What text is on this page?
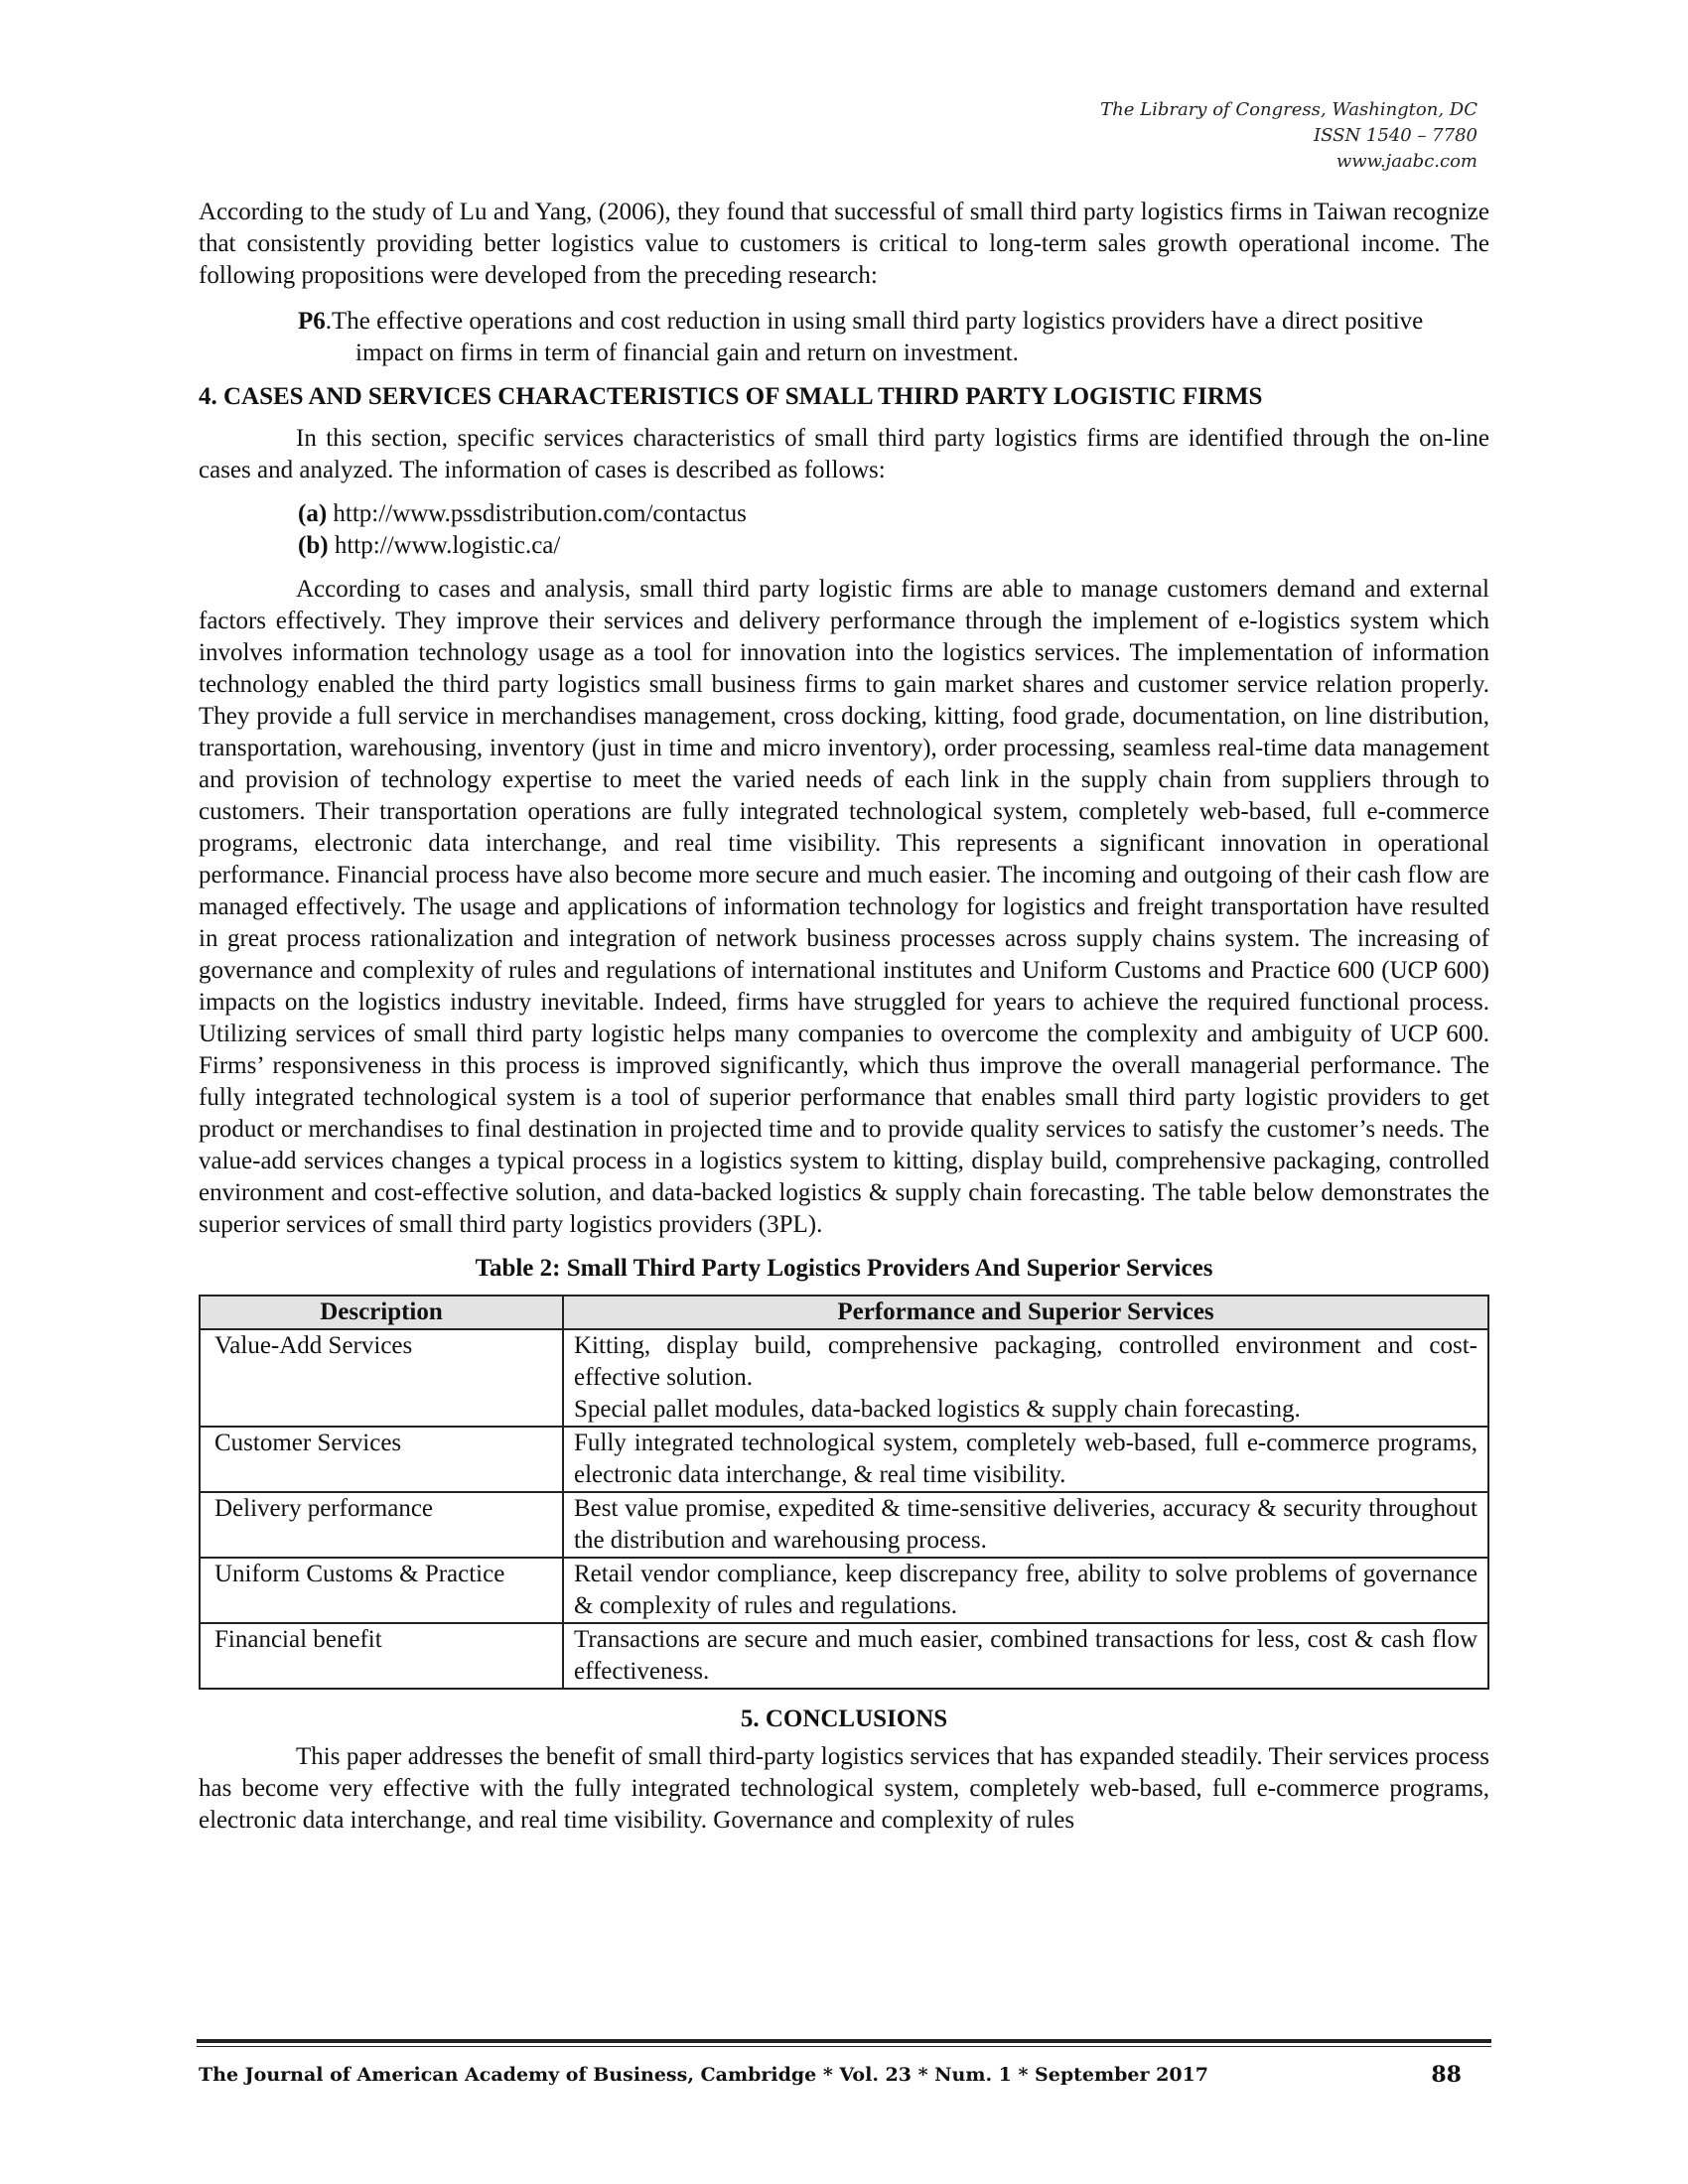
The Library of Congress, Washington, DC
ISSN 1540 – 7780
www.jaabc.com

According to the study of Lu and Yang, (2006), they found that successful of small third party logistics firms in Taiwan recognize that consistently providing better logistics value to customers is critical to long-term sales growth operational income. The following propositions were developed from the preceding research:

P6.The effective operations and cost reduction in using small third party logistics providers have a direct positive impact on firms in term of financial gain and return on investment.

4. CASES AND SERVICES CHARACTERISTICS OF SMALL THIRD PARTY LOGISTIC FIRMS

In this section, specific services characteristics of small third party logistics firms are identified through the on-line cases and analyzed. The information of cases is described as follows:

(a) http://www.pssdistribution.com/contactus
(b) http://www.logistic.ca/

According to cases and analysis, small third party logistic firms are able to manage customers demand and external factors effectively. They improve their services and delivery performance through the implement of e-logistics system which involves information technology usage as a tool for innovation into the logistics services. The implementation of information technology enabled the third party logistics small business firms to gain market shares and customer service relation properly. They provide a full service in merchandises management, cross docking, kitting, food grade, documentation, on line distribution, transportation, warehousing, inventory (just in time and micro inventory), order processing, seamless real-time data management and provision of technology expertise to meet the varied needs of each link in the supply chain from suppliers through to customers. Their transportation operations are fully integrated technological system, completely web-based, full e-commerce programs, electronic data interchange, and real time visibility. This represents a significant innovation in operational performance. Financial process have also become more secure and much easier. The incoming and outgoing of their cash flow are managed effectively. The usage and applications of information technology for logistics and freight transportation have resulted in great process rationalization and integration of network business processes across supply chains system. The increasing of governance and complexity of rules and regulations of international institutes and Uniform Customs and Practice 600 (UCP 600) impacts on the logistics industry inevitable. Indeed, firms have struggled for years to achieve the required functional process. Utilizing services of small third party logistic helps many companies to overcome the complexity and ambiguity of UCP 600. Firms’ responsiveness in this process is improved significantly, which thus improve the overall managerial performance. The fully integrated technological system is a tool of superior performance that enables small third party logistic providers to get product or merchandises to final destination in projected time and to provide quality services to satisfy the customer’s needs. The value-add services changes a typical process in a logistics system to kitting, display build, comprehensive packaging, controlled environment and cost-effective solution, and data-backed logistics & supply chain forecasting. The table below demonstrates the superior services of small third party logistics providers (3PL).

Table 2: Small Third Party Logistics Providers And Superior Services
Description	Performance and Superior Services
Value-Add Services	Kitting, display build, comprehensive packaging, controlled environment and cost-effective solution.
Special pallet modules, data-backed logistics & supply chain forecasting.

Customer Services	Fully integrated technological system, completely web-based, full e-commerce programs, electronic data interchange, & real time visibility.
Delivery performance	Best value promise, expedited & time-sensitive deliveries, accuracy & security throughout the distribution and warehousing process.
Uniform Customs & Practice	Retail vendor compliance, keep discrepancy free, ability to solve problems of governance & complexity of rules and regulations.
Financial benefit	Transactions are secure and much easier, combined transactions for less, cost & cash flow effectiveness.
5. CONCLUSIONS

This paper addresses the benefit of small third-party logistics services that has expanded steadily. Their services process has become very effective with the fully integrated technological system, completely web-based, full e-commerce programs, electronic data interchange, and real time visibility. Governance and complexity of rules

The Journal of American Academy of Business, Cambridge * Vol. 23 * Num. 1 * September 2017	88
